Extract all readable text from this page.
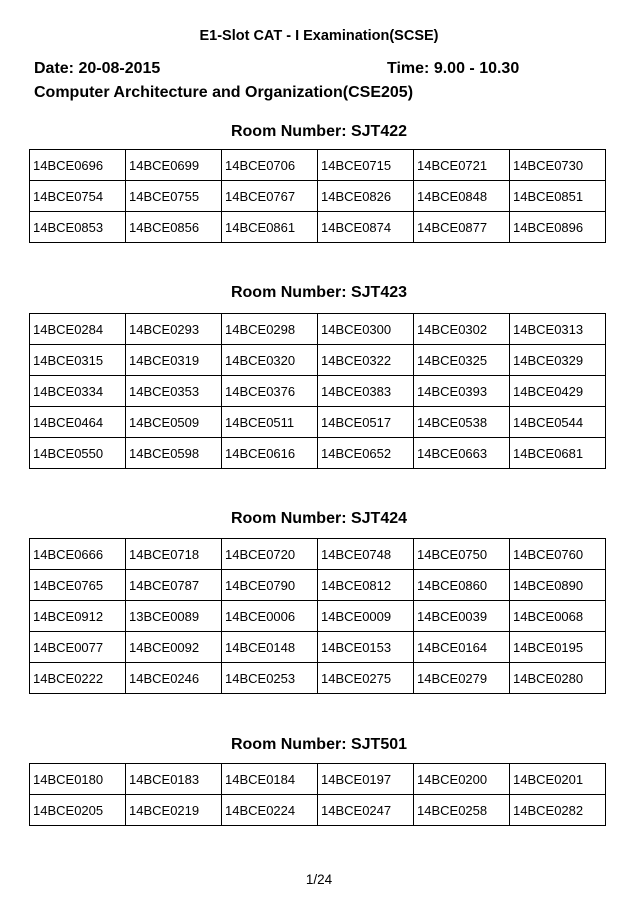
E1-Slot CAT - I Examination(SCSE)
Date: 20-08-2015	Time: 9.00 - 10.30
Computer Architecture and Organization(CSE205)
Room Number: SJT422
14BCE0696	14BCE0699	14BCE0706	14BCE0715	14BCE0721	14BCE0730
14BCE0754	14BCE0755	14BCE0767	14BCE0826	14BCE0848	14BCE0851
14BCE0853	14BCE0856	14BCE0861	14BCE0874	14BCE0877	14BCE0896
Room Number: SJT423
14BCE0284	14BCE0293	14BCE0298	14BCE0300	14BCE0302	14BCE0313
14BCE0315	14BCE0319	14BCE0320	14BCE0322	14BCE0325	14BCE0329
14BCE0334	14BCE0353	14BCE0376	14BCE0383	14BCE0393	14BCE0429
14BCE0464	14BCE0509	14BCE0511	14BCE0517	14BCE0538	14BCE0544
14BCE0550	14BCE0598	14BCE0616	14BCE0652	14BCE0663	14BCE0681
Room Number: SJT424
14BCE0666	14BCE0718	14BCE0720	14BCE0748	14BCE0750	14BCE0760
14BCE0765	14BCE0787	14BCE0790	14BCE0812	14BCE0860	14BCE0890
14BCE0912	13BCE0089	14BCE0006	14BCE0009	14BCE0039	14BCE0068
14BCE0077	14BCE0092	14BCE0148	14BCE0153	14BCE0164	14BCE0195
14BCE0222	14BCE0246	14BCE0253	14BCE0275	14BCE0279	14BCE0280
Room Number: SJT501
14BCE0180	14BCE0183	14BCE0184	14BCE0197	14BCE0200	14BCE0201
14BCE0205	14BCE0219	14BCE0224	14BCE0247	14BCE0258	14BCE0282
1/24
